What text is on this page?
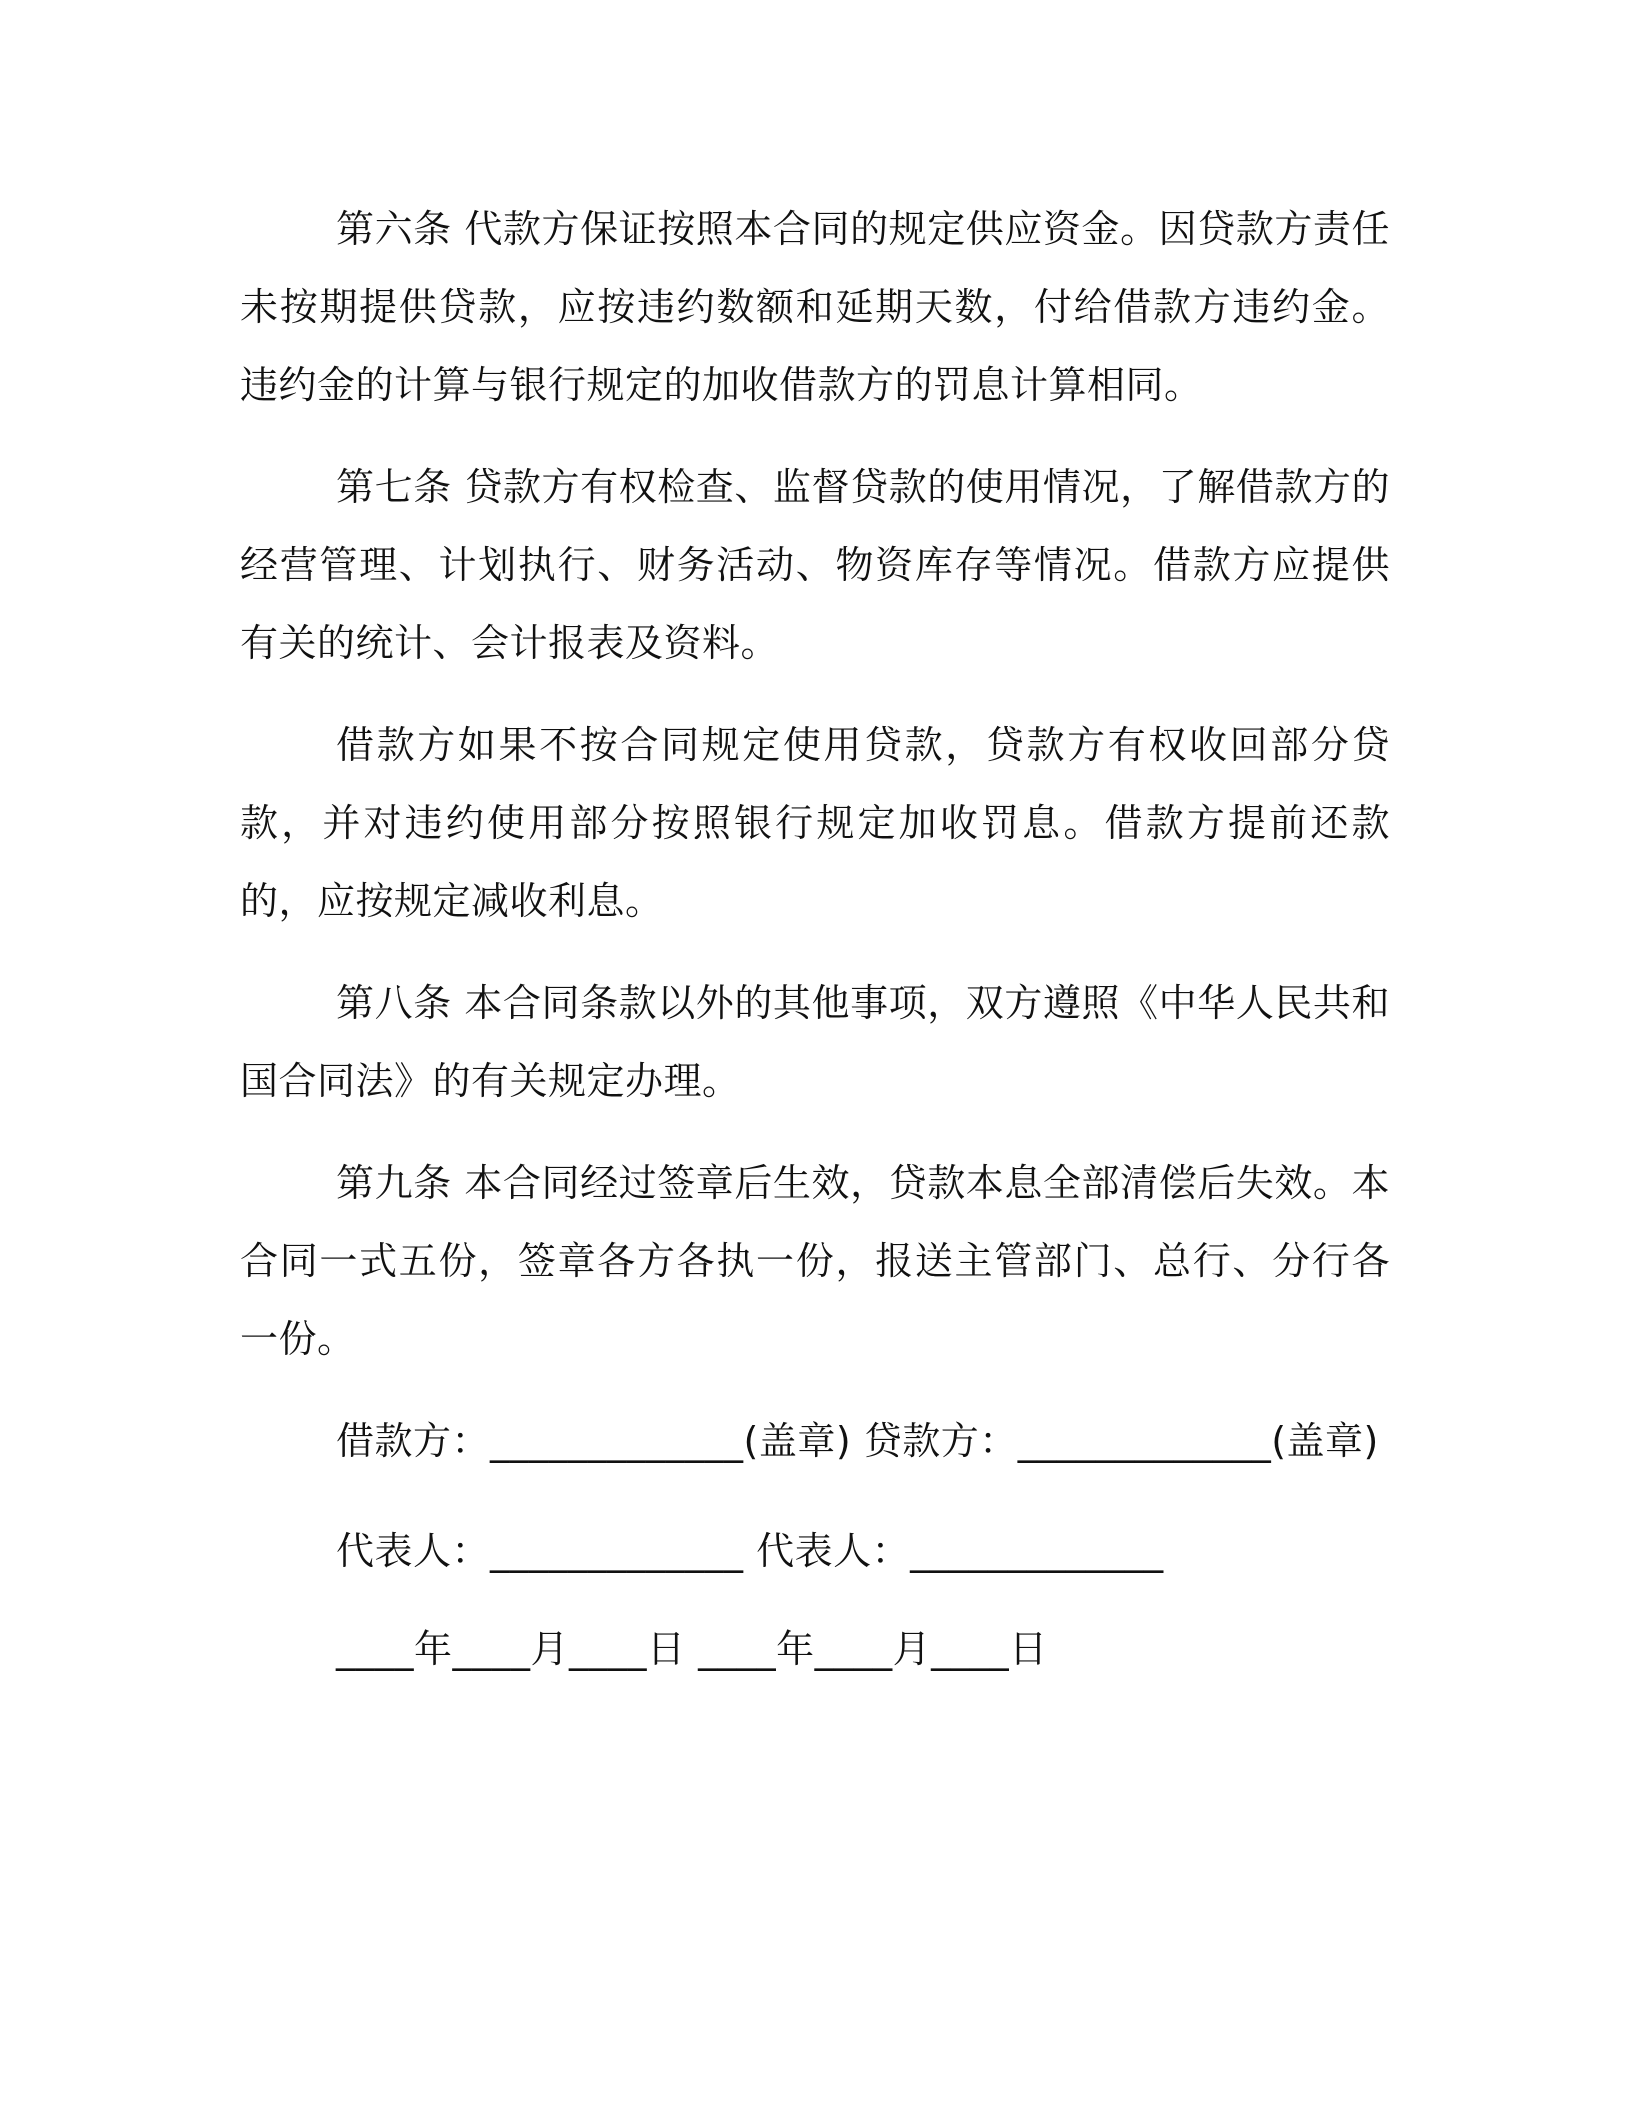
第六条 代款方保证按照本合同的规定供应资金。因贷款方责任未按期提供贷款，应按违约数额和延期天数，付给借款方违约金。违约金的计算与银行规定的加收借款方的罚息计算相同。

第七条 贷款方有权检查、监督贷款的使用情况，了解借款方的经营管理、计划执行、财务活动、物资库存等情况。借款方应提供有关的统计、会计报表及资料。

借款方如果不按合同规定使用贷款，贷款方有权收回部分贷款，并对违约使用部分按照银行规定加收罚息。借款方提前还款的，应按规定减收利息。

第八条 本合同条款以外的其他事项，双方遵照《中华人民共和国合同法》的有关规定办理。

第九条 本合同经过签章后生效，贷款本息全部清偿后失效。本合同一式五份，签章各方各执一份，报送主管部门、总行、分行各一份。

借款方：_____________(盖章) 贷款方：_____________(盖章)

代表人：_____________ 代表人：_____________

____年____月____日 ____年____月____日
